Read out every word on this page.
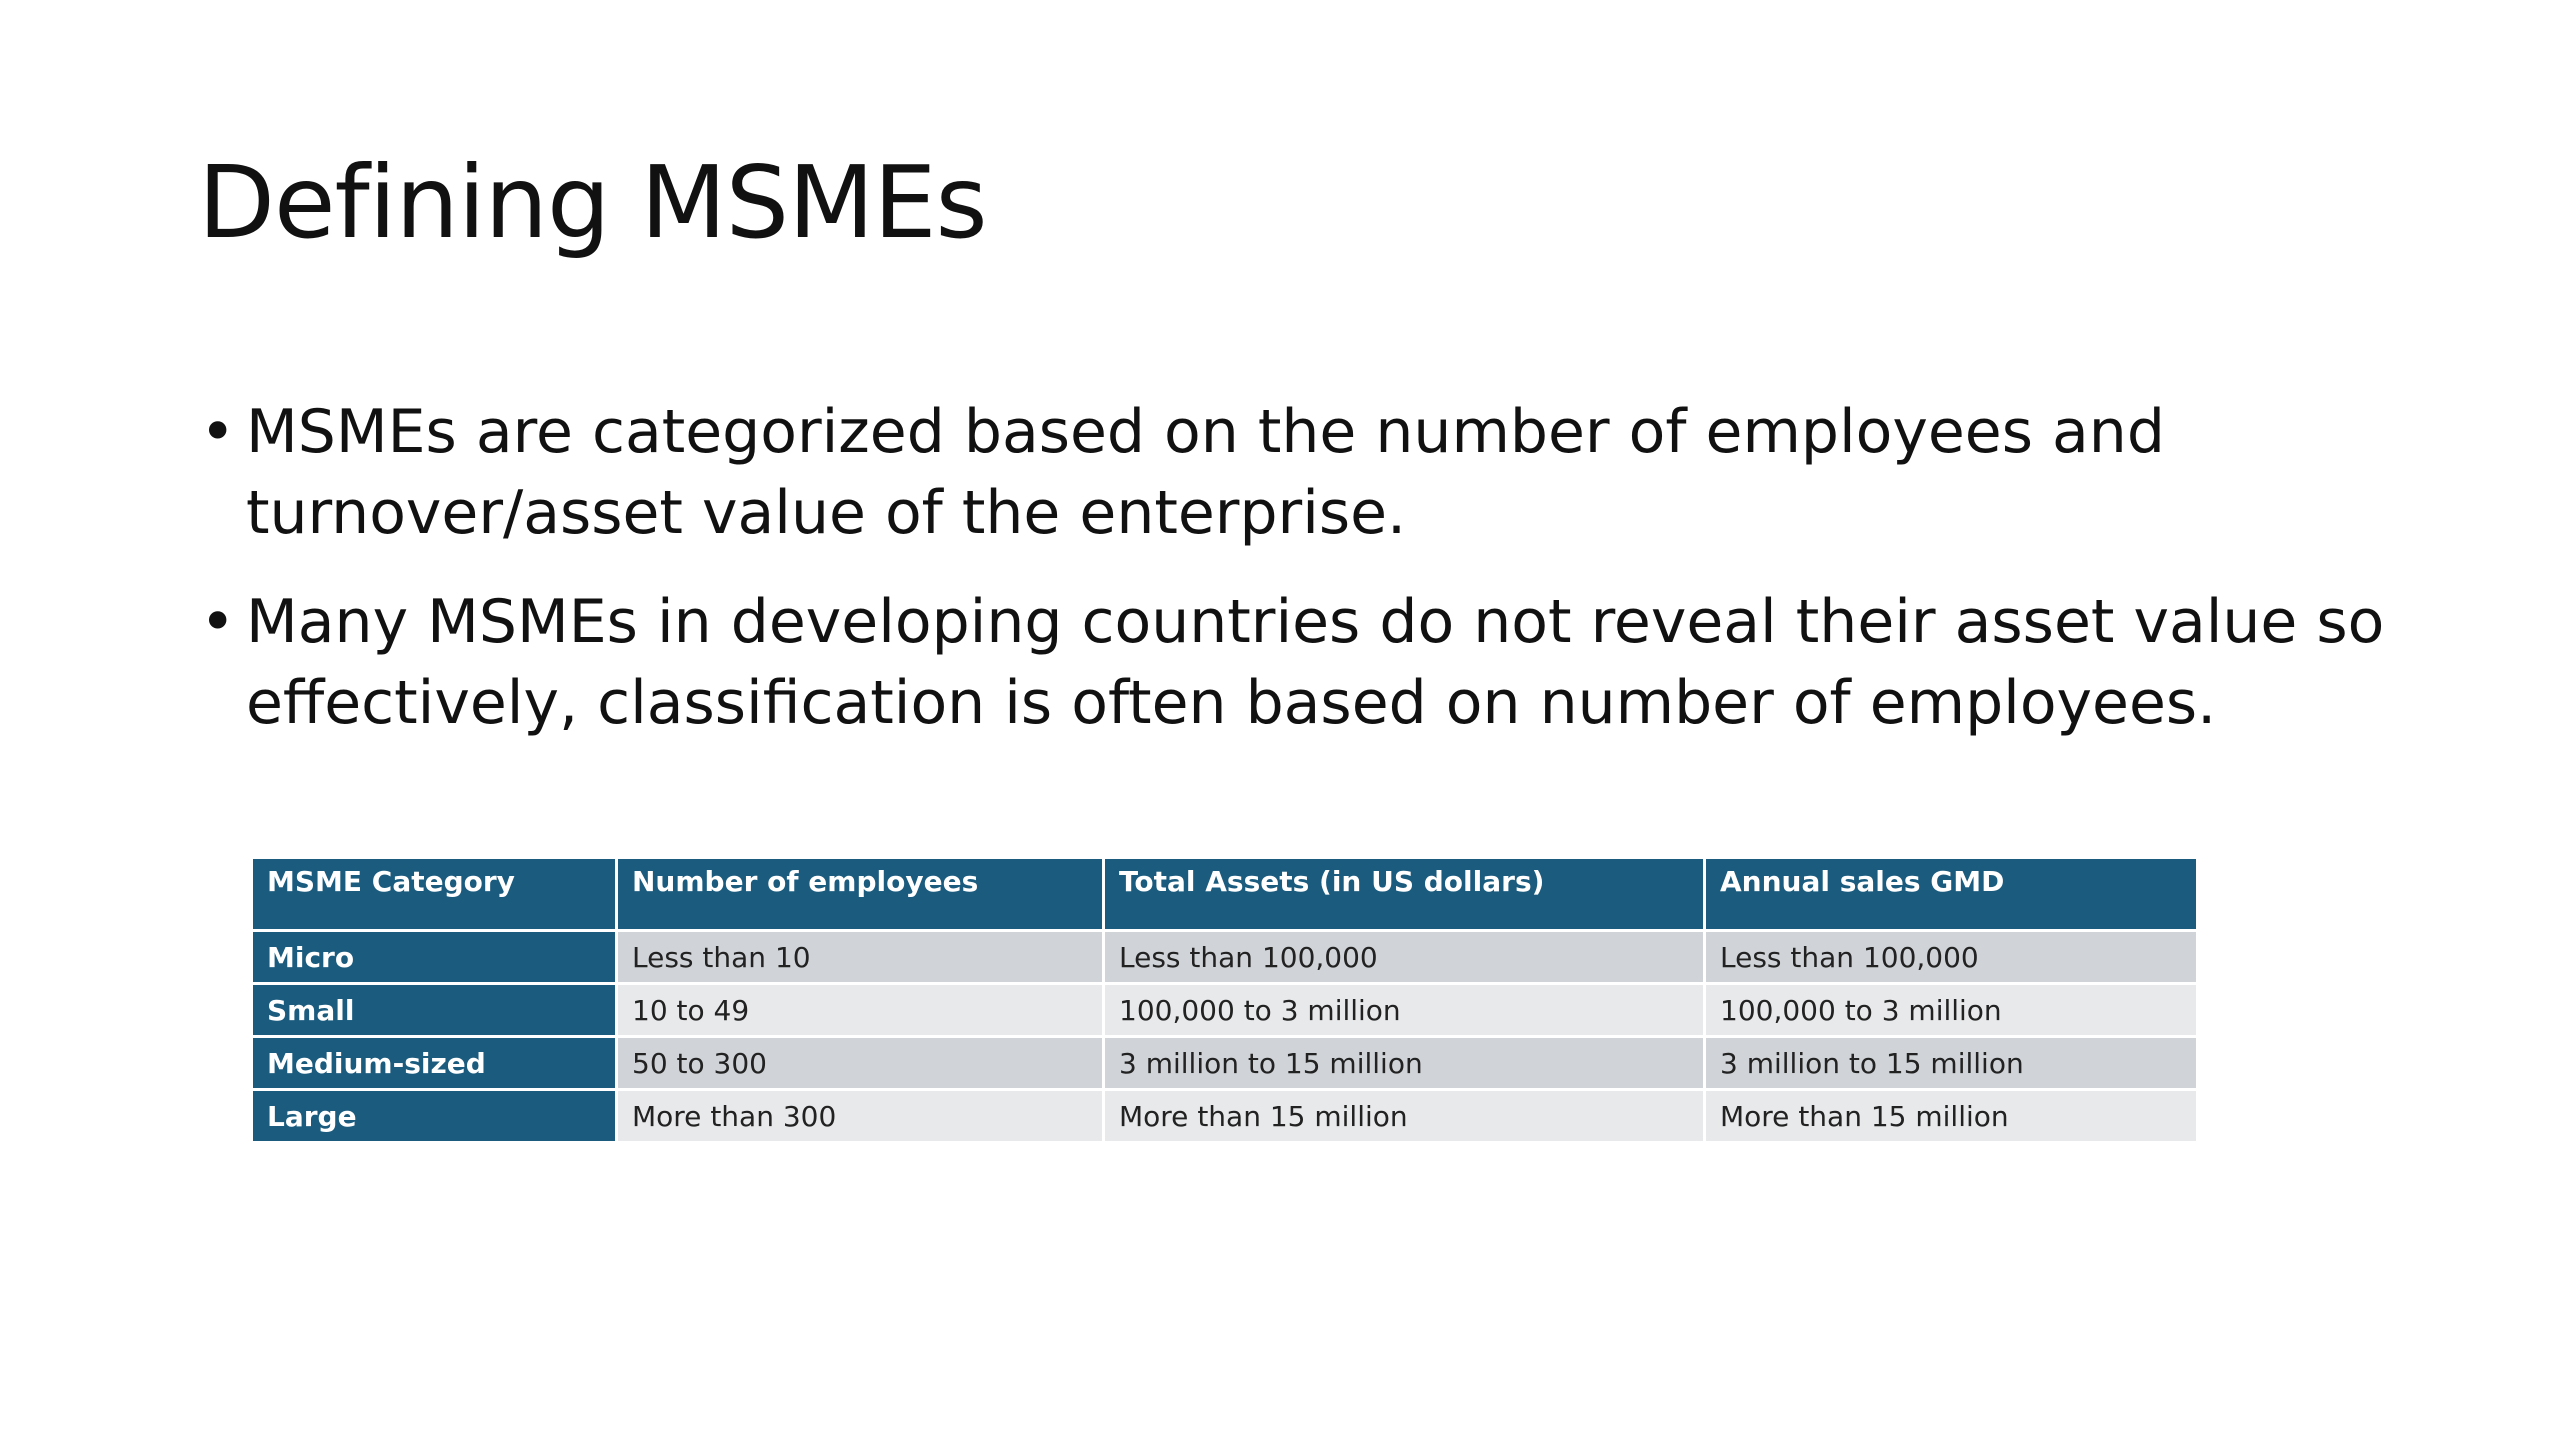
Defining MSMEs
• MSMEs are categorized based on the number of employees and turnover/asset value of the enterprise.
• Many MSMEs in developing countries do not reveal their asset value so effectively, classification is often based on number of employees.
MSME Category	Number of employees	Total Assets (in US dollars)	Annual sales GMD
Micro	Less than 10	Less than 100,000	Less than 100,000
Small	10 to 49	100,000 to 3 million	100,000 to 3 million
Medium-sized	50 to 300	3 million to 15 million	3 million to 15 million
Large	More than 300	More than 15 million	More than 15 million
